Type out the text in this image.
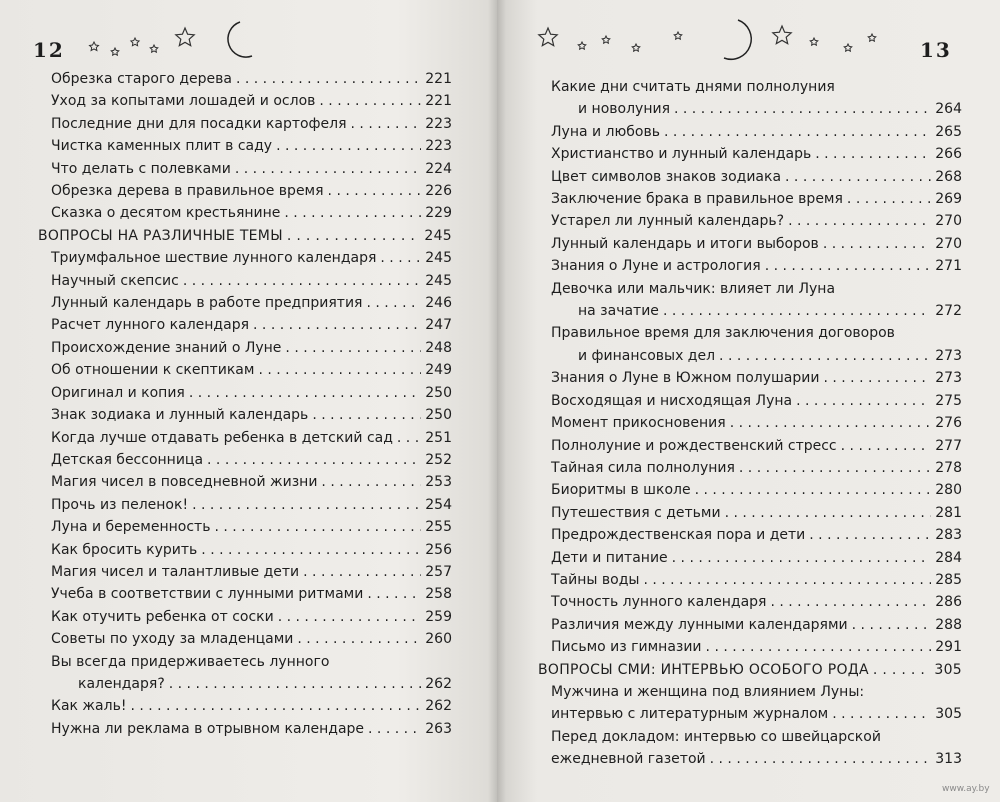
12	13
Обрезка старого дерева . . .	221
Уход за копытами лошадей и ослов . . .	221
Последние дни для посадки картофеля . . .	223
Чистка каменных плит в саду . . .	223
Что делать с полевками . . .	224
Обрезка дерева в правильное время . . .	226
Сказка о десятом крестьянине . . .	229
ВОПРОСЫ НА РАЗЛИЧНЫЕ ТЕМЫ . . .	245
Триумфальное шествие лунного календаря . . .	245
Научный скепсис . . .	245
Лунный календарь в работе предприятия . . .	246
Расчет лунного календаря . . .	247
Происхождение знаний о Луне . . .	248
Об отношении к скептикам . . .	249
Оригинал и копия . . .	250
Знак зодиака и лунный календарь . . .	250
Когда лучше отдавать ребенка в детский сад . . . 251
Детская бессонница . . .	252
Магия чисел в повседневной жизни . . .	253
Прочь из пеленок! . . .	254
Луна и беременность . . .	255
Как бросить курить . . .	256
Магия чисел и талантливые дети . . .	257
Учеба в соответствии с лунными ритмами . . .	258
Как отучить ребенка от соски . . .	259
Советы по уходу за младенцами . . .	260
Вы всегда придерживаетесь лунного
календаря? . . .	262
Как жаль! . . .	262
Нужна ли реклама в отрывном календаре . . .	263
Какие дни считать днями полнолуния
и новолуния . . .	264
Луна и любовь . . .	265
Христианство и лунный календарь . . .	266
Цвет символов знаков зодиака . . .	268
Заключение брака в правильное время . . .	269
Устарел ли лунный календарь? . . .	270
Лунный календарь и итоги выборов . . .	270
Знания о Луне и астрология . . .	271
Девочка или мальчик: влияет ли Луна
на зачатие . . .	272
Правильное время для заключения договоров
и финансовых дел . . .	273
Знания о Луне в Южном полушарии . . .	273
Восходящая и нисходящая Луна . . .	275
Момент прикосновения . . .	276
Полнолуние и рождественский стресс . . .	277
Тайная сила полнолуния . . .	278
Биоритмы в школе . . .	280
Путешествия с детьми . . .	281
Предрождественская пора и дети . . .	283
Дети и питание . . .	284
Тайны воды . . .	285
Точность лунного календаря . . .	286
Различия между лунными календарями . . .	288
Письмо из гимназии . . .	291
ВОПРОСЫ СМИ: ИНТЕРВЬЮ ОСОБОГО РОДА . . .	305
Мужчина и женщина под влиянием Луны:
интервью с литературным журналом . . .	305
Перед докладом: интервью со швейцарской
ежедневной газетой . . .	313
www.ay.by
